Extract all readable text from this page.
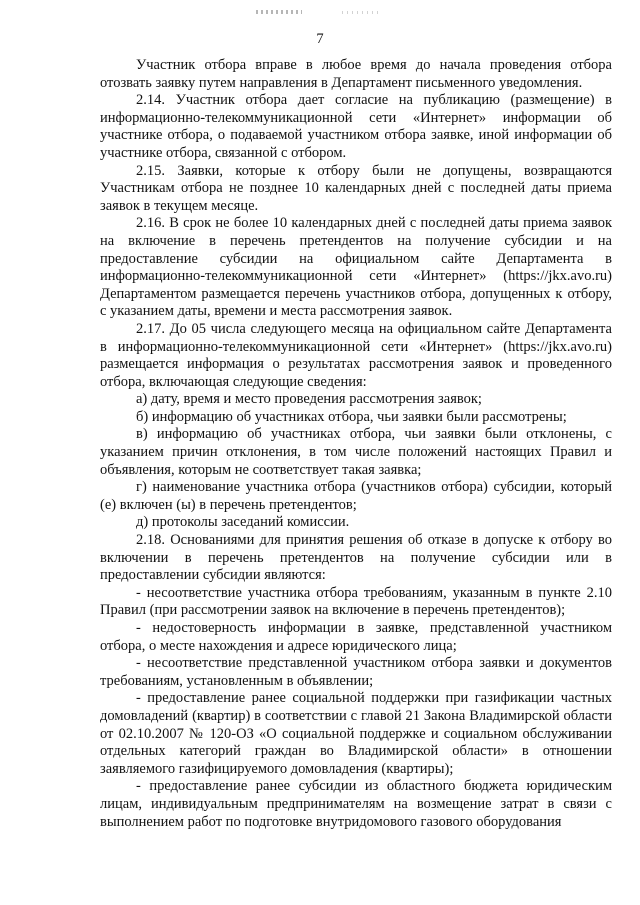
7

Участник отбора вправе в любое время до начала проведения отбора отозвать заявку путем направления в Департамент письменного уведомления.

2.14. Участник отбора дает согласие на публикацию (размещение) в информационно-телекоммуникационной сети «Интернет» информации об участнике отбора, о подаваемой участником отбора заявке, иной информации об участнике отбора, связанной с отбором.

2.15. Заявки, которые к отбору были не допущены, возвращаются Участникам отбора не позднее 10 календарных дней с последней даты приема заявок в текущем месяце.

2.16. В срок не более 10 календарных дней с последней даты приема заявок на включение в перечень претендентов на получение субсидии и на предоставление субсидии на официальном сайте Департамента в информационно-телекоммуникационной сети «Интернет» (https://jkx.avo.ru) Департаментом размещается перечень участников отбора, допущенных к отбору, с указанием даты, времени и места рассмотрения заявок.

2.17. До 05 числа следующего месяца на официальном сайте Департамента в информационно-телекоммуникационной сети «Интернет» (https://jkx.avo.ru) размещается информация о результатах рассмотрения заявок и проведенного отбора, включающая следующие сведения:

а) дату, время и место проведения рассмотрения заявок;

б) информацию об участниках отбора, чьи заявки были рассмотрены;

в) информацию об участниках отбора, чьи заявки были отклонены, с указанием причин отклонения, в том числе положений настоящих Правил и объявления, которым не соответствует такая заявка;

г) наименование участника отбора (участников отбора) субсидии, который (е) включен (ы) в перечень претендентов;

д) протоколы заседаний комиссии.

2.18. Основаниями для принятия решения об отказе в допуске к отбору во включении в перечень претендентов на получение субсидии или в предоставлении субсидии являются:

- несоответствие участника отбора требованиям, указанным в пункте 2.10 Правил (при рассмотрении заявок на включение в перечень претендентов);

- недостоверность информации в заявке, представленной участником отбора, о месте нахождения и адресе юридического лица;

- несоответствие представленной участником отбора заявки и документов требованиям, установленным в объявлении;

- предоставление ранее социальной поддержки при газификации частных домовладений (квартир) в соответствии с главой 21 Закона Владимирской области от 02.10.2007 № 120-ОЗ «О социальной поддержке и социальном обслуживании отдельных категорий граждан во Владимирской области» в отношении заявляемого газифицируемого домовладения (квартиры);

- предоставление ранее субсидии из областного бюджета юридическим лицам, индивидуальным предпринимателям на возмещение затрат в связи с выполнением работ по подготовке внутридомового газового оборудования
